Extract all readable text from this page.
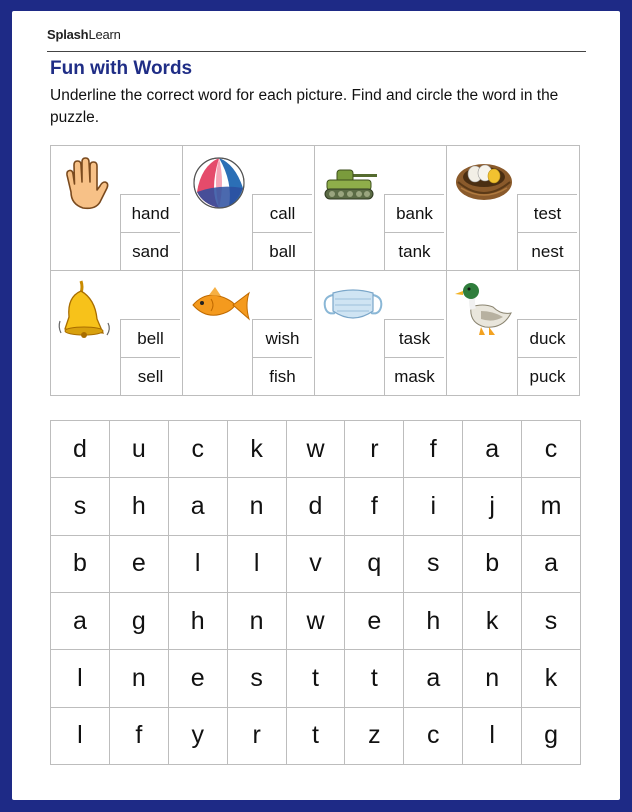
SplashLearn
Fun with Words
Underline the correct word for each picture. Find and circle the word in the puzzle.
hand
sand
call
ball
bank
tank
test
nest
bell
sell
wish
fish
task
mask
duck
puck
d	u	c	k	w	r	f	a	c
s	h	a	n	d	f	i	j	m
b	e	l	l	v	q	s	b	a
a	g	h	n	w	e	h	k	s
l	n	e	s	t	t	a	n	k
l	f	y	r	t	z	c	l	g
